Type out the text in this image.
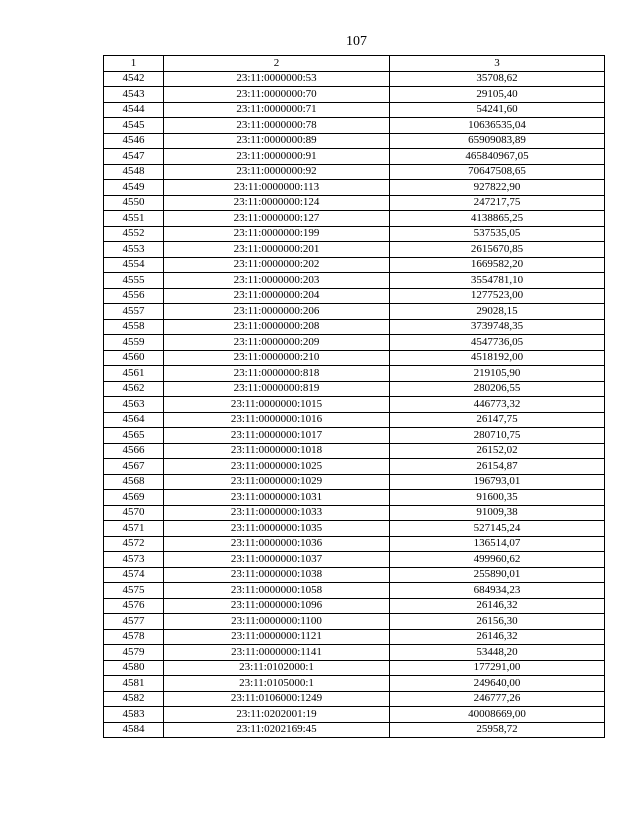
107
1	2	3
4542	23:11:0000000:53	35708,62
4543	23:11:0000000:70	29105,40
4544	23:11:0000000:71	54241,60
4545	23:11:0000000:78	10636535,04
4546	23:11:0000000:89	65909083,89
4547	23:11:0000000:91	465840967,05
4548	23:11:0000000:92	70647508,65
4549	23:11:0000000:113	927822,90
4550	23:11:0000000:124	247217,75
4551	23:11:0000000:127	4138865,25
4552	23:11:0000000:199	537535,05
4553	23:11:0000000:201	2615670,85
4554	23:11:0000000:202	1669582,20
4555	23:11:0000000:203	3554781,10
4556	23:11:0000000:204	1277523,00
4557	23:11:0000000:206	29028,15
4558	23:11:0000000:208	3739748,35
4559	23:11:0000000:209	4547736,05
4560	23:11:0000000:210	4518192,00
4561	23:11:0000000:818	219105,90
4562	23:11:0000000:819	280206,55
4563	23:11:0000000:1015	446773,32
4564	23:11:0000000:1016	26147,75
4565	23:11:0000000:1017	280710,75
4566	23:11:0000000:1018	26152,02
4567	23:11:0000000:1025	26154,87
4568	23:11:0000000:1029	196793,01
4569	23:11:0000000:1031	91600,35
4570	23:11:0000000:1033	91009,38
4571	23:11:0000000:1035	527145,24
4572	23:11:0000000:1036	136514,07
4573	23:11:0000000:1037	499960,62
4574	23:11:0000000:1038	255890,01
4575	23:11:0000000:1058	684934,23
4576	23:11:0000000:1096	26146,32
4577	23:11:0000000:1100	26156,30
4578	23:11:0000000:1121	26146,32
4579	23:11:0000000:1141	53448,20
4580	23:11:0102000:1	177291,00
4581	23:11:0105000:1	249640,00
4582	23:11:0106000:1249	246777,26
4583	23:11:0202001:19	40008669,00
4584	23:11:0202169:45	25958,72
